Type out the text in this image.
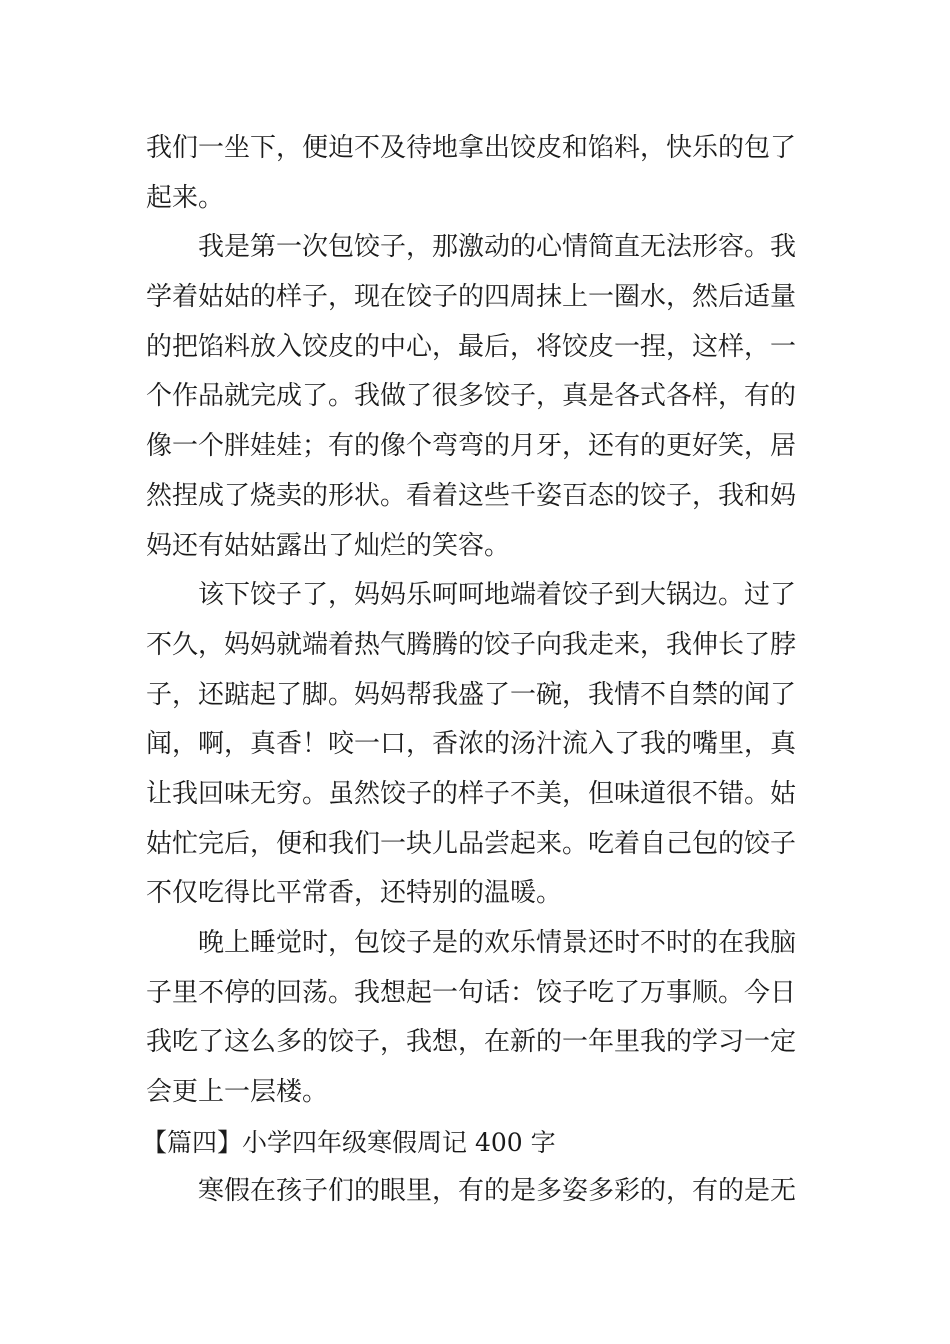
我们一坐下，便迫不及待地拿出饺皮和馅料，快乐的包了
起来。
我是第一次包饺子，那激动的心情简直无法形容。我
学着姑姑的样子，现在饺子的四周抹上一圈水，然后适量
的把馅料放入饺皮的中心，最后，将饺皮一捏，这样，一
个作品就完成了。我做了很多饺子，真是各式各样，有的
像一个胖娃娃；有的像个弯弯的月牙，还有的更好笑，居
然捏成了烧卖的形状。看着这些千姿百态的饺子，我和妈
妈还有姑姑露出了灿烂的笑容。
该下饺子了，妈妈乐呵呵地端着饺子到大锅边。过了
不久，妈妈就端着热气腾腾的饺子向我走来，我伸长了脖
子，还踮起了脚。妈妈帮我盛了一碗，我情不自禁的闻了
闻，啊，真香！咬一口，香浓的汤汁流入了我的嘴里，真
让我回味无穷。虽然饺子的样子不美，但味道很不错。姑
姑忙完后，便和我们一块儿品尝起来。吃着自己包的饺子
不仅吃得比平常香，还特别的温暖。
晚上睡觉时，包饺子是的欢乐情景还时不时的在我脑
子里不停的回荡。我想起一句话：饺子吃了万事顺。今日
我吃了这么多的饺子，我想，在新的一年里我的学习一定
会更上一层楼。
【篇四】小学四年级寒假周记 400 字
寒假在孩子们的眼里，有的是多姿多彩的，有的是无
